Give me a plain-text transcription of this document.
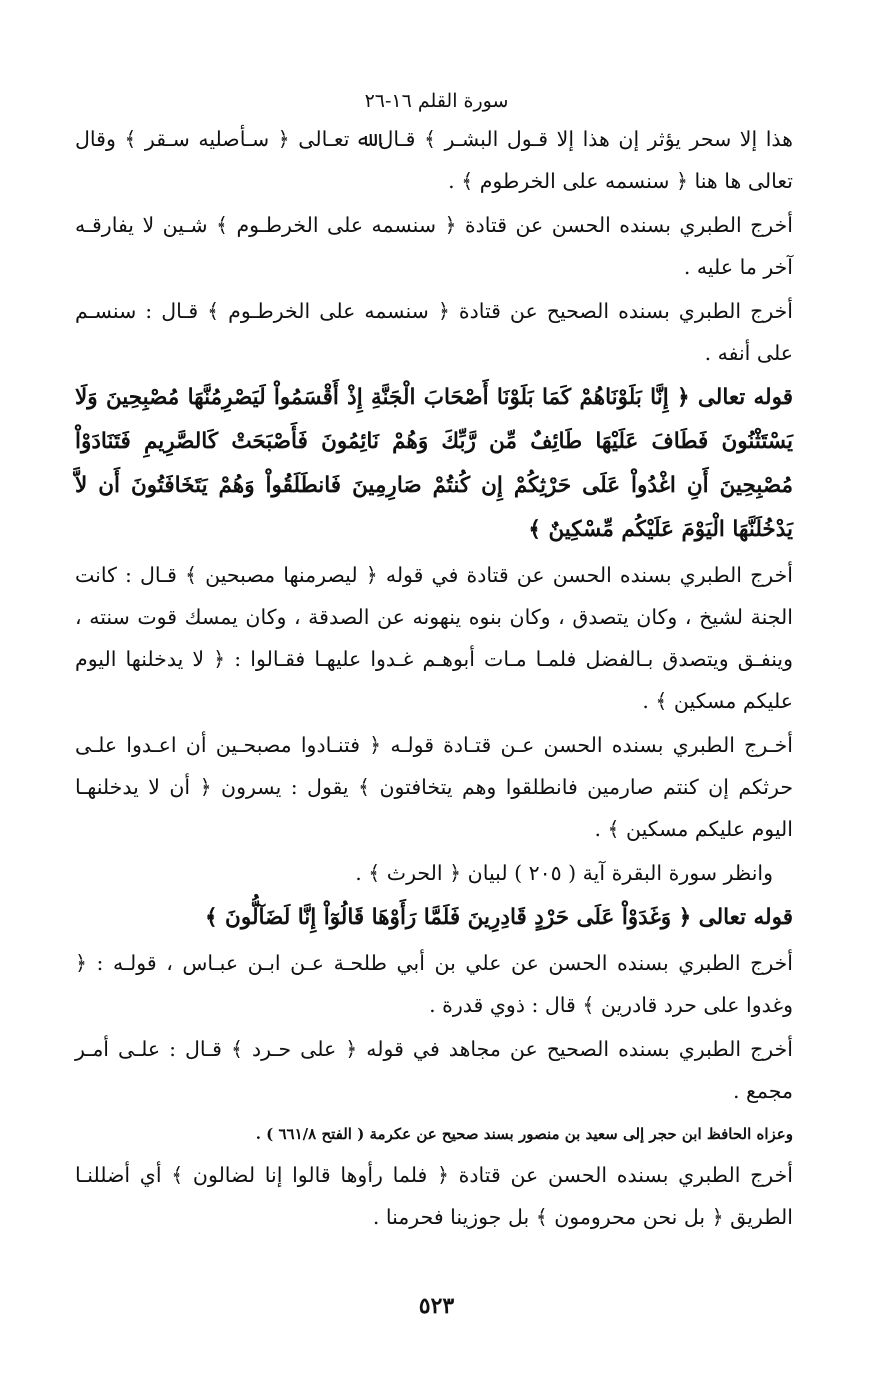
سورة القلم ١٦-٢٦

هذا إلا سحر يؤثر إن هذا إلا قـول البشـر ﴾ قـال ﷲ تعـالى ﴿ سـأصليه سـقر ﴾ وقال تعالى ها هنا ﴿ سنسمه على الخرطوم ﴾ .

أخرج الطبري بسنده الحسن عن قتادة ﴿ سنسمه على الخرطـوم ﴾ شـين لا يفارقـه آخر ما عليه .

أخرج الطبري بسنده الصحيح عن قتادة ﴿ سنسمه على الخرطـوم ﴾ قـال : سنسـم على أنفه .

قوله تعالى ﴿ إِنَّا بَلَوْنَاهُمْ كَمَا بَلَوْنَا أَصْحَابَ الْجَنَّةِ إِذْ أَقْسَمُواْ لَيَصْرِمُنَّهَا مُصْبِحِينَ وَلَا يَسْتَثْنُونَ فَطَافَ عَلَيْهَا طَائِفٌ مِّن رَّبِّكَ وَهُمْ نَائِمُونَ فَأَصْبَحَتْ كَالصَّرِيمِ فَتَنَادَوْاْ مُصْبِحِينَ أَنِ اغْدُواْ عَلَى حَرْثِكُمْ إِن كُنتُمْ صَارِمِينَ فَانطَلَقُواْ وَهُمْ يَتَخَافَتُونَ أَن لاَّ يَدْخُلَنَّهَا الْيَوْمَ عَلَيْكُم مِّسْكِينٌ ﴾

أخرج الطبري بسنده الحسن عن قتادة في قوله ﴿ ليصرمنها مصبحين ﴾ قـال : كانت الجنة لشيخ ، وكان يتصدق ، وكان بنوه ينهونه عن الصدقة ، وكان يمسك قوت سنته ، وينفـق ويتصدق بـالفضل فلمـا مـات أبوهـم غـدوا عليهـا فقـالوا : ﴿ لا يدخلنها اليوم عليكم مسكين ﴾ .

أخـرج الطبري بسنده الحسن عـن قتـادة قولـه ﴿ فتنـادوا مصبحـين أن اعـدوا علـى حرثكم إن كنتم صارمين فانطلقوا وهم يتخافتون ﴾ يقول : يسرون ﴿ أن لا يدخلنهـا اليوم عليكم مسكين ﴾ .

وانظر سورة البقرة آية ( ٢٠٥ ) لبيان ﴿ الحرث ﴾ .

قوله تعالى ﴿ وَغَدَوْاْ عَلَى حَرْدٍ قَادِرِينَ فَلَمَّا رَأَوْهَا قَالُوٓاْ إِنَّا لَضَآلُّونَ ﴾

أخرج الطبري بسنده الحسن عن علي بن أبي طلحـة عـن ابـن عبـاس ، قولـه : ﴿ وغدوا على حرد قادرين ﴾ قال : ذوي قدرة .

أخرج الطبري بسنده الصحيح عن مجاهد في قوله ﴿ على حـرد ﴾ قـال : علـى أمـر مجمع .

وعزاه الحافظ ابن حجر إلى سعيد بن منصور بسند صحيح عن عكرمة ( الفتح ٦٦١/٨ ) .

أخرج الطبري بسنده الحسن عن قتادة ﴿ فلما رأوها قالوا إنا لضالون ﴾ أي أضللنـا الطريق ﴿ بل نحن محرومون ﴾ بل جوزينا فحرمنا .

٥٢٣
